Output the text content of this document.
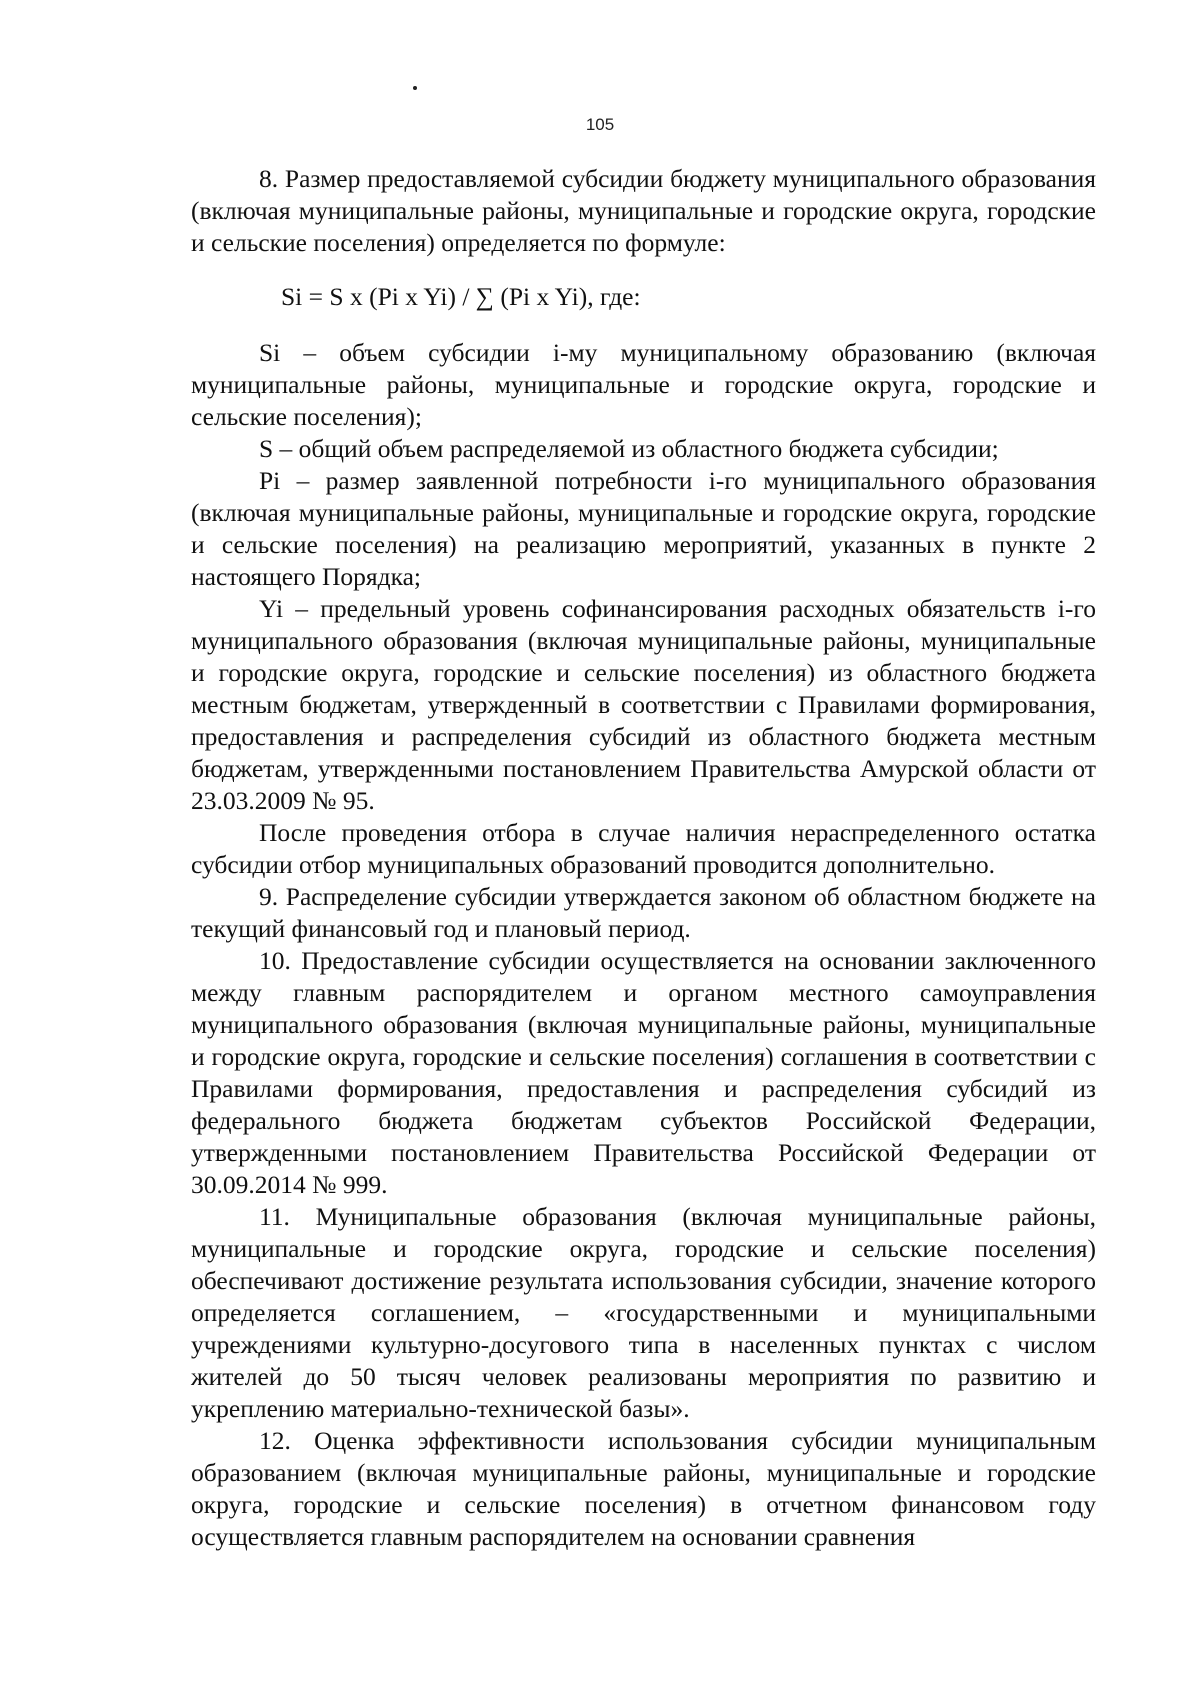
105

8. Размер предоставляемой субсидии бюджету муниципального образования (включая муниципальные районы, муниципальные и городские округа, городские и сельские поселения) определяется по формуле:

Si = S x (Pi x Yi) / ∑ (Pi x Yi), где:

Si – объем субсидии i-му муниципальному образованию (включая муниципальные районы, муниципальные и городские округа, городские и сельские поселения);

S – общий объем распределяемой из областного бюджета субсидии;

Pi – размер заявленной потребности i-го муниципального образования (включая муниципальные районы, муниципальные и городские округа, городские и сельские поселения) на реализацию мероприятий, указанных в пункте 2 настоящего Порядка;

Yi – предельный уровень софинансирования расходных обязательств i-го муниципального образования (включая муниципальные районы, муниципальные и городские округа, городские и сельские поселения) из областного бюджета местным бюджетам, утвержденный в соответствии с Правилами формирования, предоставления и распределения субсидий из областного бюджета местным бюджетам, утвержденными постановлением Правительства Амурской области от 23.03.2009 № 95.

После проведения отбора в случае наличия нераспределенного остатка субсидии отбор муниципальных образований проводится дополнительно.

9. Распределение субсидии утверждается законом об областном бюджете на текущий финансовый год и плановый период.

10. Предоставление субсидии осуществляется на основании заключенного между главным распорядителем и органом местного самоуправления муниципального образования (включая муниципальные районы, муниципальные и городские округа, городские и сельские поселения) соглашения в соответствии с Правилами формирования, предоставления и распределения субсидий из федерального бюджета бюджетам субъектов Российской Федерации, утвержденными постановлением Правительства Российской Федерации от 30.09.2014 № 999.

11. Муниципальные образования (включая муниципальные районы, муниципальные и городские округа, городские и сельские поселения) обеспечивают достижение результата использования субсидии, значение которого определяется соглашением, – «государственными и муниципальными учреждениями культурно-досугового типа в населенных пунктах с числом жителей до 50 тысяч человек реализованы мероприятия по развитию и укреплению материально-технической базы».

12. Оценка эффективности использования субсидии муниципальным образованием (включая муниципальные районы, муниципальные и городские округа, городские и сельские поселения) в отчетном финансовом году осуществляется главным распорядителем на основании сравнения
